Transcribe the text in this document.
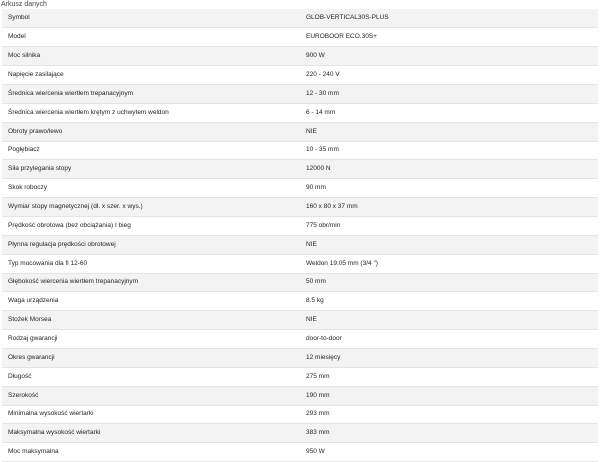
Arkusz danych
Symbol	GLOB-VERTICAL30S-PLUS
Model	EUROBOOR ECO.30S+
Moc silnika	900 W
Napięcie zasilające	220 - 240 V
Średnica wiercenia wiertłem trepanacyjnym	12 - 30 mm
Średnica wiercenia wiertłem krętym z uchwytem weldon	6 - 14 mm
Obroty prawo/lewo	NIE
Pogłębiacz	10 - 35 mm
Siła przylegania stopy	12000 N
Skok roboczy	90 mm
Wymiar stopy magnetycznej (dł. x szer. x wys.)	160 x 80 x 37 mm
Prędkość obrotowa (bez obciążania) I bieg	775 obr/min
Płynna regulacja prędkości obrotowej	NIE
Typ mocowania dla fi 12-60	Weldon 19.05 mm (3/4 ")
Głębokość wiercenia wiertłem trepanacyjnym	50 mm
Waga urządzenia	8.5 kg
Stożek Morsea	NIE
Rodzaj gwarancji	door-to-door
Okres gwarancji	12 miesięcy
Długość	275 mm
Szerokość	190 mm
Minimalna wysokość wiertarki	293 mm
Maksymalna wysokość wiertarki	383 mm
Moc maksymalna	950 W
